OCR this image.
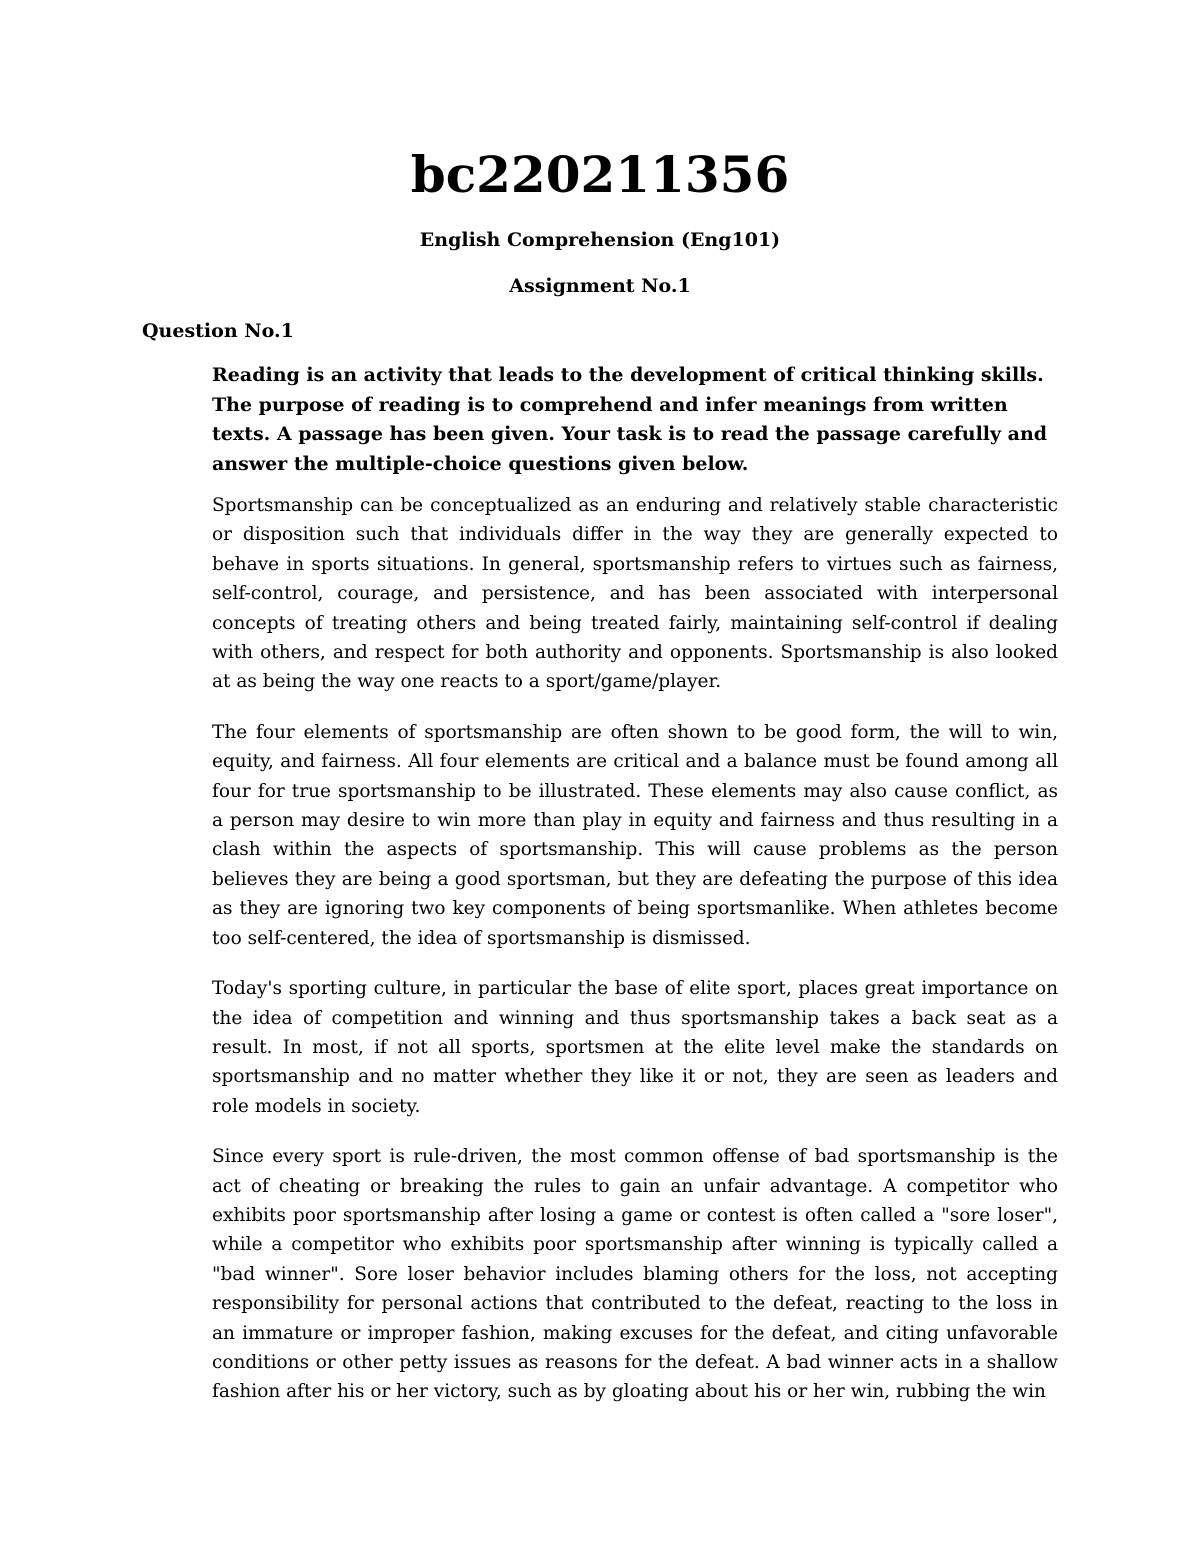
bc220211356

English Comprehension (Eng101)

Assignment No.1

Question No.1

Reading is an activity that leads to the development of critical thinking skills. The purpose of reading is to comprehend and infer meanings from written texts. A passage has been given. Your task is to read the passage carefully and answer the multiple-choice questions given below.

Sportsmanship can be conceptualized as an enduring and relatively stable characteristic or disposition such that individuals differ in the way they are generally expected to behave in sports situations. In general, sportsmanship refers to virtues such as fairness, self-control, courage, and persistence, and has been associated with interpersonal concepts of treating others and being treated fairly, maintaining self-control if dealing with others, and respect for both authority and opponents. Sportsmanship is also looked at as being the way one reacts to a sport/game/player.

The four elements of sportsmanship are often shown to be good form, the will to win, equity, and fairness. All four elements are critical and a balance must be found among all four for true sportsmanship to be illustrated. These elements may also cause conflict, as a person may desire to win more than play in equity and fairness and thus resulting in a clash within the aspects of sportsmanship. This will cause problems as the person believes they are being a good sportsman, but they are defeating the purpose of this idea as they are ignoring two key components of being sportsmanlike. When athletes become too self-centered, the idea of sportsmanship is dismissed.

Today's sporting culture, in particular the base of elite sport, places great importance on the idea of competition and winning and thus sportsmanship takes a back seat as a result. In most, if not all sports, sportsmen at the elite level make the standards on sportsmanship and no matter whether they like it or not, they are seen as leaders and role models in society.

Since every sport is rule-driven, the most common offense of bad sportsmanship is the act of cheating or breaking the rules to gain an unfair advantage. A competitor who exhibits poor sportsmanship after losing a game or contest is often called a "sore loser", while a competitor who exhibits poor sportsmanship after winning is typically called a "bad winner". Sore loser behavior includes blaming others for the loss, not accepting responsibility for personal actions that contributed to the defeat, reacting to the loss in an immature or improper fashion, making excuses for the defeat, and citing unfavorable conditions or other petty issues as reasons for the defeat. A bad winner acts in a shallow fashion after his or her victory, such as by gloating about his or her win, rubbing the win
